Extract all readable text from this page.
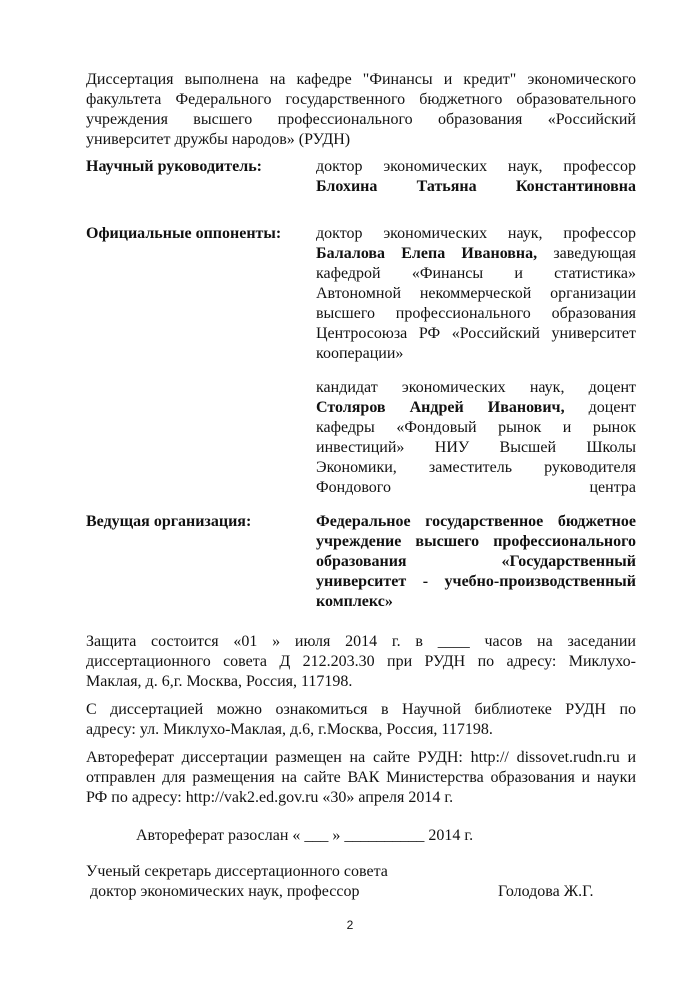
Диссертация выполнена на кафедре "Финансы и кредит" экономического
факультета Федерального государственного бюджетного образовательного
учреждения высшего профессионального образования «Российский
университет дружбы народов» (РУДН)
Научный руководитель:	доктор экономических наук, профессор
Блохина Татьяна Константиновна
Официальные оппоненты: доктор экономических наук, профессор
Балалова Елепа Ивановна, заведующая
кафедрой «Финансы и статистика»
Автономной некоммерческой организации
высшего профессионального образования
Центросоюза РФ «Российский университет
кооперации»
кандидат экономических наук, доцент
Столяров Андрей Иванович, доцент
кафедры «Фондовый рынок и рынок
инвестиций» НИУ Высшей Школы
Экономики, заместитель руководителя
Фондового центра
Ведущая организация:	Федеральное государственное бюджетное
учреждение высшего профессионального
образования «Государственный
университет - учебно-производственный
комплекс»
Защита состоится «01 » июля 2014 г. в ____ часов на заседании
диссертационного совета Д 212.203.30 при РУДН по адресу: Миклухо-
Маклая, д. 6,г. Москва, Россия, 117198.
С диссертацией можно ознакомиться в Научной библиотеке РУДН по
адресу: ул. Миклухо-Маклая, д.6, г.Москва, Россия, 117198.
Автореферат диссертации размещен на сайте РУДН: http:// dissovet.rudn.ru и
отправлен для размещения на сайте ВАК Министерства образования и науки
РФ по адресу: http://vak2.ed.gov.ru «30» апреля 2014 г.
Автореферат разослан « ___ » __________ 2014 г.
Ученый секретарь диссертационного совета
доктор экономических наук, профессор	Голодова Ж.Г.
2
